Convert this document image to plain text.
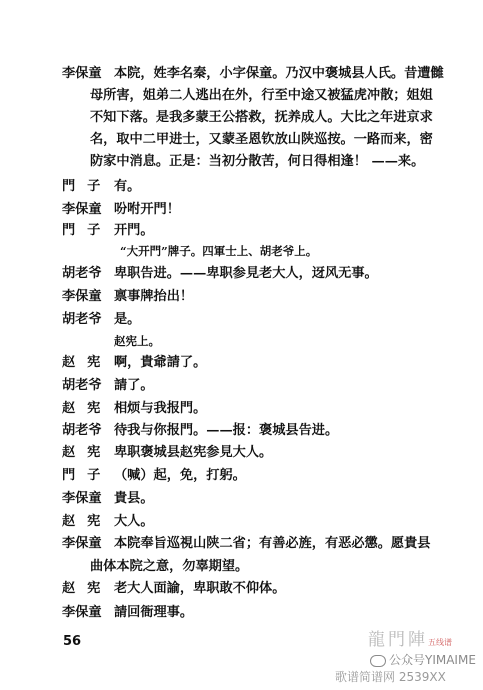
李保童 本院，姓李名秦，小字保童。乃汉中褒城县人氏。昔遭雠
母所害，姐弟二人逃出在外，行至中途又被猛虎冲散；姐姐
不知下落。是我多蒙王公搭救，抚养成人。大比之年进京求
名，取中二甲进士，又蒙圣恩钦放山陕巡按。一路而来，密
防家中消息。正是：当初分散苦，何日得相逢！ ——来。
門子 有。
李保童 吩咐开門！
門子 开門。
“大开門”牌子。四軍士上、胡老爷上。
胡老爷 卑职告进。——卑职参見老大人，迓风无事。
李保童 禀事牌抬出！
胡老爷 是。
赵宪上。
赵宪 啊，貴爺請了。
胡老爷 請了。
赵宪 相烦与我报門。
胡老爷 待我与你报門。——报：褒城县告进。
赵宪 卑职褒城县赵宪参見大人。
門子 （喊）起，免，打躬。
李保童 貴县。
赵宪 大人。
李保童 本院奉旨巡視山陕二省；有善必旌，有恶必懲。愿貴县
曲体本院之意，勿辜期望。
赵宪 老大人面諭，卑职敢不仰体。
李保童 請回衙理事。
56	龍門陣五线谱
公众号YIMAIME
歌谱简谱网 2539XX
